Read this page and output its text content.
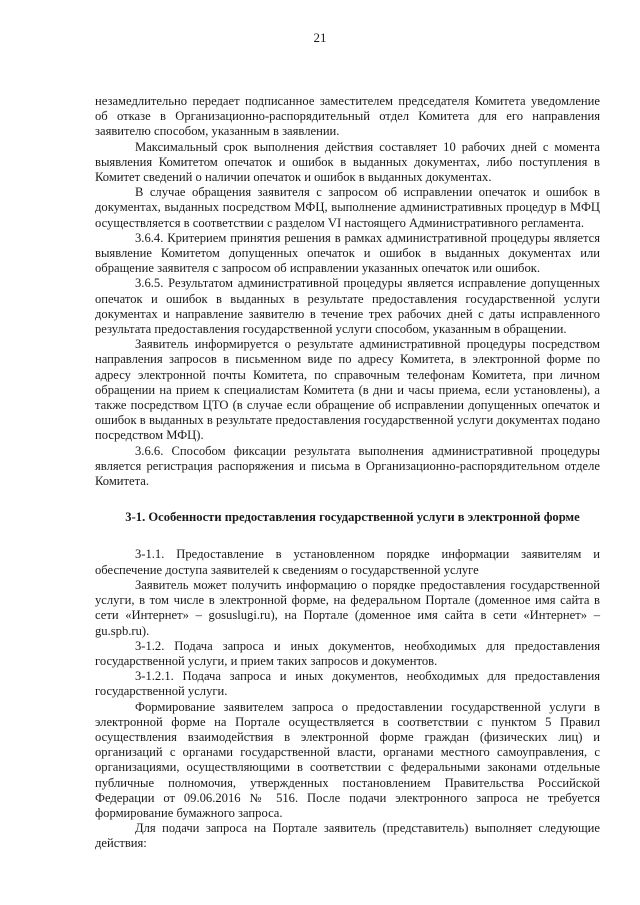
21

незамедлительно передает подписанное заместителем председателя Комитета уведомление об отказе в Организационно-распорядительный отдел Комитета для его направления заявителю способом, указанным в заявлении.

Максимальный срок выполнения действия составляет 10 рабочих дней с момента выявления Комитетом опечаток и ошибок в выданных документах, либо поступления в Комитет сведений о наличии опечаток и ошибок в выданных документах.

В случае обращения заявителя с запросом об исправлении опечаток и ошибок в документах, выданных посредством МФЦ, выполнение административных процедур в МФЦ осуществляется в соответствии с разделом VI настоящего Административного регламента.

3.6.4. Критерием принятия решения в рамках административной процедуры является выявление Комитетом допущенных опечаток и ошибок в выданных документах или обращение заявителя с запросом об исправлении указанных опечаток или ошибок.

3.6.5. Результатом административной процедуры является исправление допущенных опечаток и ошибок в выданных в результате предоставления государственной услуги документах и направление заявителю в течение трех рабочих дней с даты исправленного результата предоставления государственной услуги способом, указанным в обращении.

Заявитель информируется о результате административной процедуры посредством направления запросов в письменном виде по адресу Комитета, в электронной форме по адресу электронной почты Комитета, по справочным телефонам Комитета, при личном обращении на прием к специалистам Комитета (в дни и часы приема, если установлены), а также посредством ЦТО (в случае если обращение об исправлении допущенных опечаток и ошибок в выданных в результате предоставления государственной услуги документах подано посредством МФЦ).

3.6.6. Способом фиксации результата выполнения административной процедуры является регистрация распоряжения и письма в Организационно-распорядительном отделе Комитета.

3-1. Особенности предоставления государственной услуги в электронной форме

3-1.1. Предоставление в установленном порядке информации заявителям и обеспечение доступа заявителей к сведениям о государственной услуге

Заявитель может получить информацию о порядке предоставления государственной услуги, в том числе в электронной форме, на федеральном Портале (доменное имя сайта в сети «Интернет» – gosuslugi.ru), на Портале (доменное имя сайта в сети «Интернет» – gu.spb.ru).

3-1.2. Подача запроса и иных документов, необходимых для предоставления государственной услуги, и прием таких запросов и документов.

3-1.2.1. Подача запроса и иных документов, необходимых для предоставления государственной услуги.

Формирование заявителем запроса о предоставлении государственной услуги в электронной форме на Портале осуществляется в соответствии с пунктом 5 Правил осуществления взаимодействия в электронной форме граждан (физических лиц) и организаций с органами государственной власти, органами местного самоуправления, с организациями, осуществляющими в соответствии с федеральными законами отдельные публичные полномочия, утвержденных постановлением Правительства Российской Федерации от 09.06.2016 № 516. После подачи электронного запроса не требуется формирование бумажного запроса.

Для подачи запроса на Портале заявитель (представитель) выполняет следующие действия:
